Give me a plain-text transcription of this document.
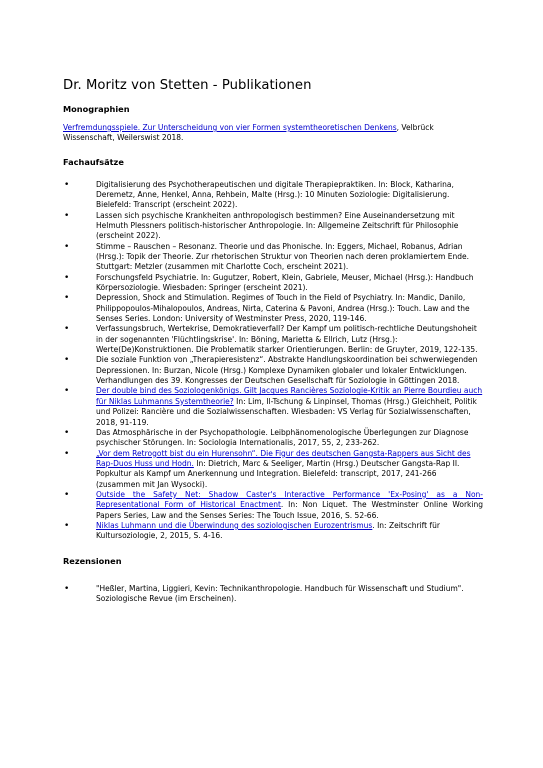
Dr. Moritz von Stetten - Publikationen
Monographien

Verfremdungsspiele. Zur Unterscheidung von vier Formen systemtheoretischen Denkens, Velbrück Wissenschaft, Weilerswist 2018.

Fachaufsätze
• Digitalisierung des Psychotherapeutischen und digitale Therapiepraktiken. In: Block, Katharina, Deremetz, Anne, Henkel, Anna, Rehbein, Malte (Hrsg.): 10 Minuten Soziologie: Digitalisierung. Bielefeld: Transcript (erscheint 2022).
• Lassen sich psychische Krankheiten anthropologisch bestimmen? Eine Auseinandersetzung mit Helmuth Plessners politisch-historischer Anthropologie. In: Allgemeine Zeitschrift für Philosophie (erscheint 2022).
• Stimme – Rauschen – Resonanz. Theorie und das Phonische. In: Eggers, Michael, Robanus, Adrian (Hrsg.): Topik der Theorie. Zur rhetorischen Struktur von Theorien nach deren proklamiertem Ende. Stuttgart: Metzler (zusammen mit Charlotte Coch, erscheint 2021).
• Forschungsfeld Psychiatrie. In: Gugutzer, Robert, Klein, Gabriele, Meuser, Michael (Hrsg.): Handbuch Körpersoziologie. Wiesbaden: Springer (erscheint 2021).
• Depression, Shock and Stimulation. Regimes of Touch in the Field of Psychiatry. In: Mandic, Danilo, Philippopoulos-Mihalopoulos, Andreas, Nirta, Caterina & Pavoni, Andrea (Hrsg.): Touch. Law and the Senses Series. London: University of Westminster Press, 2020, 119-146.
• Verfassungsbruch, Wertekrise, Demokratieverfall? Der Kampf um politisch-rechtliche Deutungshoheit in der sogenannten 'Flüchtlingskrise'. In: Böning, Marietta & Ellrich, Lutz (Hrsg.): Werte(De)Konstruktionen. Die Problematik starker Orientierungen. Berlin: de Gruyter, 2019, 122-135.
• Die soziale Funktion von „Therapieresistenz“. Abstrakte Handlungskoordination bei schwerwiegenden Depressionen. In: Burzan, Nicole (Hrsg.) Komplexe Dynamiken globaler und lokaler Entwicklungen. Verhandlungen des 39. Kongresses der Deutschen Gesellschaft für Soziologie in Göttingen 2018.
• Der double bind des Soziologenkönigs. Gilt Jacques Rancières Soziologie-Kritik an Pierre Bourdieu auch für Niklas Luhmanns Systemtheorie? In: Lim, Il-Tschung & Linpinsel, Thomas (Hrsg.) Gleichheit, Politik und Polizei: Rancière und die Sozialwissenschaften. Wiesbaden: VS Verlag für Sozialwissenschaften, 2018, 91-119.
• Das Atmosphärische in der Psychopathologie. Leibphänomenologische Überlegungen zur Diagnose psychischer Störungen. In: Sociologia Internationalis, 2017, 55, 2, 233-262.
• „Vor dem Retrogott bist du ein Hurensohn“. Die Figur des deutschen Gangsta-Rappers aus Sicht des Rap-Duos Huss und Hodn. In: Dietrich, Marc & Seeliger, Martin (Hrsg.) Deutscher Gangsta-Rap II. Popkultur als Kampf um Anerkennung und Integration. Bielefeld: transcript, 2017, 241-266 (zusammen mit Jan Wysocki).
• Outside the Safety Net: Shadow Caster's Interactive Performance 'Ex-Posing' as a Non-Representational Form of Historical Enactment. In: Non Liquet. The Westminster Online Working Papers Series, Law and the Senses Series: The Touch Issue, 2016, S. 52-66.
• Niklas Luhmann und die Überwindung des soziologischen Eurozentrismus. In: Zeitschrift für Kultursoziologie, 2, 2015, S. 4-16.
Rezensionen
• "Heßler, Martina, Liggieri, Kevin: Technikanthropologie. Handbuch für Wissenschaft und Studium". Soziologische Revue (im Erscheinen).
